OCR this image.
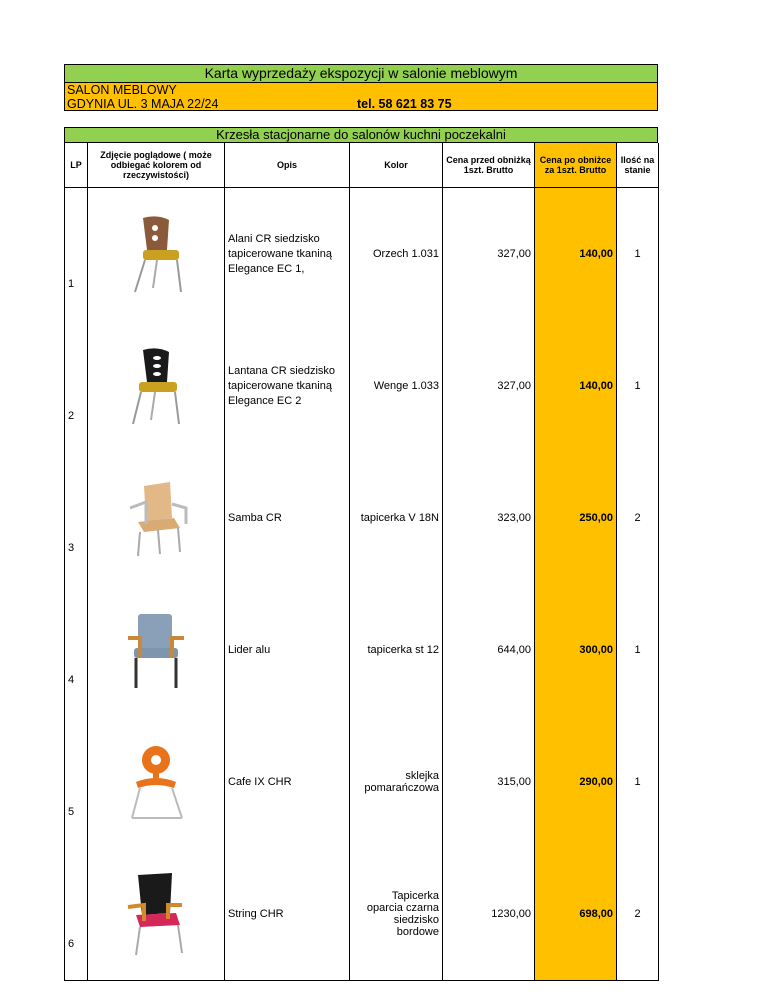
Karta wyprzedaży ekspozycji w salonie meblowym
SALON MEBLOWY
GDYNIA UL. 3 MAJA 22/24	tel. 58 621 83 75
Krzesła stacjonarne do salonów kuchni poczekalni
LP	Zdjęcie poglądowe ( może odbiegać kolorem od rzeczywistości)	Opis	Kolor	Cena przed obniżką 1szt. Brutto	Cena po obniżce za 1szt. Brutto	Ilość na stanie
1		Alani CR siedzisko tapicerowane tkaniną Elegance EC 1,	Orzech 1.031	327,00	140,00	1
2		Lantana CR siedzisko tapicerowane tkaniną Elegance EC 2	Wenge 1.033	327,00	140,00	1
3		Samba CR	tapicerka V 18N	323,00	250,00	2
4		Lider alu	tapicerka st 12	644,00	300,00	1
5		Cafe IX CHR	sklejka pomarańczowa	315,00	290,00	1
6		String CHR	Tapicerka oparcia czarna siedzisko bordowe	1230,00	698,00	2
